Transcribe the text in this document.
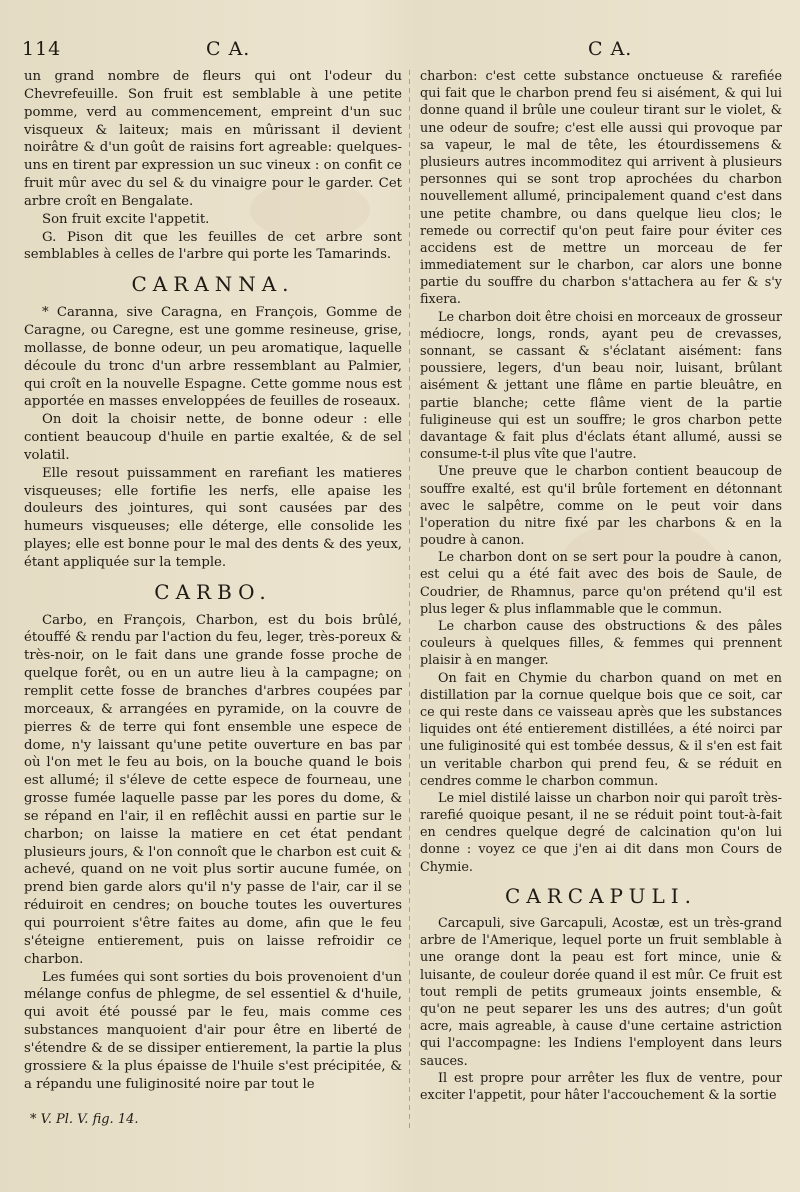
114	C A.	C A.

un grand nombre de fleurs qui ont l'odeur du Chevrefeuille. Son fruit est semblable à une petite pomme, verd au commencement, empreint d'un suc visqueux & laiteux; mais en mûrissant il devient noirâtre & d'un goût de raisins fort agreable: quelques-uns en tirent par expression un suc vineux : on confit ce fruit mûr avec du sel & du vinaigre pour le garder. Cet arbre croît en Bengalate.

Son fruit excite l'appetit.

G. Pison dit que les feuilles de cet arbre sont semblables à celles de l'arbre qui porte les Tamarinds.

CARANNA.

* Caranna, sive Caragna, en François, Gomme de Caragne, ou Caregne, est une gomme resineuse, grise, mollasse, de bonne odeur, un peu aromatique, laquelle découle du tronc d'un arbre ressemblant au Palmier, qui croît en la nouvelle Espagne. Cette gomme nous est apportée en masses enveloppées de feuilles de roseaux.

On doit la choisir nette, de bonne odeur : elle contient beaucoup d'huile en partie exaltée, & de sel volatil.

Elle resout puissamment en rarefiant les matieres visqueuses; elle fortifie les nerfs, elle apaise les douleurs des jointures, qui sont causées par des humeurs visqueuses; elle déterge, elle consolide les playes; elle est bonne pour le mal des dents & des yeux, étant appliquée sur la temple.

CARBO.

Carbo, en François, Charbon, est du bois brûlé, étouffé & rendu par l'action du feu, leger, très-poreux & très-noir, on le fait dans une grande fosse proche de quelque forêt, ou en un autre lieu à la campagne; on remplit cette fosse de branches d'arbres coupées par morceaux, & arrangées en pyramide, on la couvre de pierres & de terre qui font ensemble une espece de dome, n'y laissant qu'une petite ouverture en bas par où l'on met le feu au bois, on la bouche quand le bois est allumé; il s'éleve de cette espece de fourneau, une grosse fumée laquelle passe par les pores du dome, & se répand en l'air, il en reflêchit aussi en partie sur le charbon; on laisse la matiere en cet état pendant plusieurs jours, & l'on connoît que le charbon est cuit & achevé, quand on ne voit plus sortir aucune fumée, on prend bien garde alors qu'il n'y passe de l'air, car il se réduiroit en cendres; on bouche toutes les ouvertures qui pourroient s'être faites au dome, afin que le feu s'éteigne entierement, puis on laisse refroidir ce charbon.

Les fumées qui sont sorties du bois provenoient d'un mélange confus de phlegme, de sel essentiel & d'huile, qui avoit été poussé par le feu, mais comme ces substances manquoient d'air pour être en liberté de s'étendre & de se dissiper entierement, la partie la plus grossiere & la plus épaisse de l'huile s'est précipitée, & a répandu une fuliginosité noire par tout le

charbon: c'est cette substance onctueuse & rarefiée qui fait que le charbon prend feu si aisément, & qui lui donne quand il brûle une couleur tirant sur le violet, & une odeur de soufre; c'est elle aussi qui provoque par sa vapeur, le mal de tête, les étourdissemens & plusieurs autres incommoditez qui arrivent à plusieurs personnes qui se sont trop aprochées du charbon nouvellement allumé, principalement quand c'est dans une petite chambre, ou dans quelque lieu clos; le remede ou correctif qu'on peut faire pour éviter ces accidens est de mettre un morceau de fer immediatement sur le charbon, car alors une bonne partie du souffre du charbon s'attachera au fer & s'y fixera.

Le charbon doit être choisi en morceaux de grosseur médiocre, longs, ronds, ayant peu de crevasses, sonnant, se cassant & s'éclatant aisément: fans poussiere, legers, d'un beau noir, luisant, brûlant aisément & jettant une flâme en partie bleuâtre, en partie blanche; cette flâme vient de la partie fuligineuse qui est un souffre; le gros charbon pette davantage & fait plus d'éclats étant allumé, aussi se consume-t-il plus vîte que l'autre.

Une preuve que le charbon contient beaucoup de souffre exalté, est qu'il brûle fortement en détonnant avec le salpêtre, comme on le peut voir dans l'operation du nitre fixé par les charbons & en la poudre à canon.

Le charbon dont on se sert pour la poudre à canon, est celui qu a été fait avec des bois de Saule, de Coudrier, de Rhamnus, parce qu'on prétend qu'il est plus leger & plus inflammable que le commun.

Le charbon cause des obstructions & des pâles couleurs à quelques filles, & femmes qui prennent plaisir à en manger.

On fait en Chymie du charbon quand on met en distillation par la cornue quelque bois que ce soit, car ce qui reste dans ce vaisseau après que les substances liquides ont été entierement distillées, a été noirci par une fuliginosité qui est tombée dessus, & il s'en est fait un veritable charbon qui prend feu, & se réduit en cendres comme le charbon commun.

Le miel distilé laisse un charbon noir qui paroît très-rarefié quoique pesant, il ne se réduit point tout-à-fait en cendres quelque degré de calcination qu'on lui donne : voyez ce que j'en ai dit dans mon Cours de Chymie.

CARCAPULI.

Carcapuli, sive Garcapuli, Acostæ, est un très-grand arbre de l'Amerique, lequel porte un fruit semblable à une orange dont la peau est fort mince, unie & luisante, de couleur dorée quand il est mûr. Ce fruit est tout rempli de petits grumeaux joints ensemble, & qu'on ne peut separer les uns des autres; d'un goût acre, mais agreable, à cause d'une certaine astriction qui l'accompagne: les Indiens l'employent dans leurs sauces.

Il est propre pour arrêter les flux de ventre, pour exciter l'appetit, pour hâter l'accouchement & la sortie

* V. Pl. V. fig. 14.
